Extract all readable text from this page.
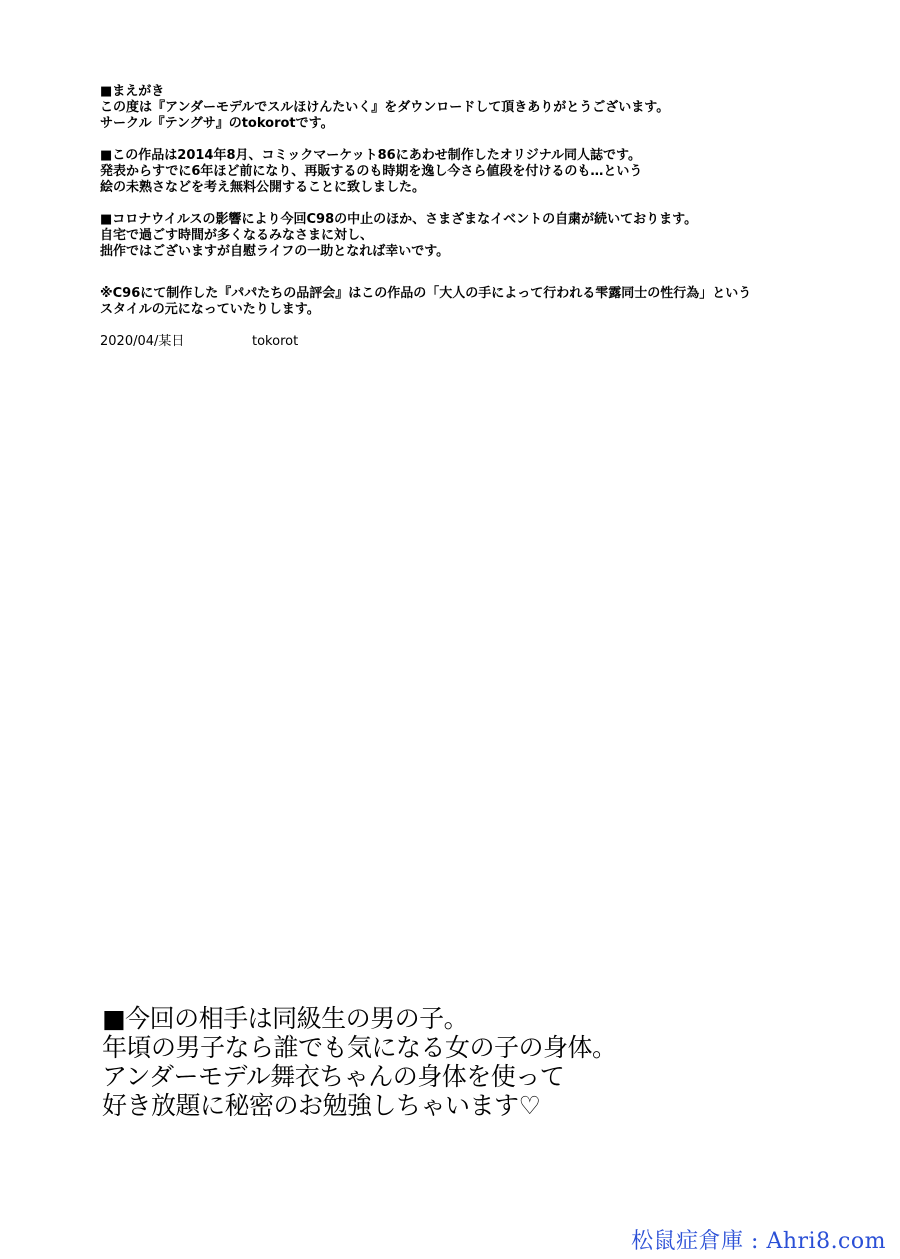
■まえがき

この度は『アンダーモデルでスルほけんたいく』をダウンロードして頂きありがとうございます。

サークル『テングサ』のtokorotです。

■この作品は2014年8月、コミックマーケット86にあわせ制作したオリジナル同人誌です。

発表からすでに6年ほど前になり、再販するのも時期を逸し今さら値段を付けるのも…という

絵の未熟さなどを考え無料公開することに致しました。

■コロナウイルスの影響により今回C98の中止のほか、さまざまなイベントの自粛が続いております。

自宅で過ごす時間が多くなるみなさまに対し、

拙作ではございますが自慰ライフの一助となれば幸いです。

※C96にて制作した『パパたちの品評会』はこの作品の「大人の手によって行われる雫露同士の性行為」という

スタイルの元になっていたりします。

2020/04/某日	tokorot

■今回の相手は同級生の男の子。

年頃の男子なら誰でも気になる女の子の身体。

アンダーモデル舞衣ちゃんの身体を使って

好き放題に秘密のお勉強しちゃいます♡

松鼠症倉庫 : Ahri8.com
